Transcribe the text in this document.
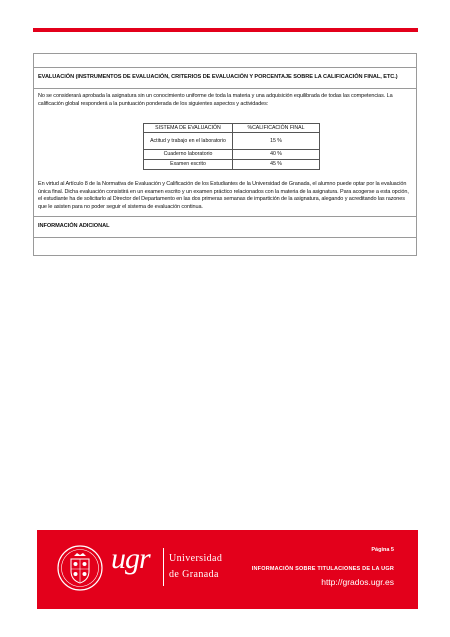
EVALUACIÓN (INSTRUMENTOS DE EVALUACIÓN, CRITERIOS DE EVALUACIÓN Y PORCENTAJE SOBRE LA CALIFICACIÓN FINAL, ETC.)
No se considerará aprobada la asignatura sin un conocimiento uniforme de toda la materia y una adquisición equilibrada de todas las competencias. La calificación global responderá a la puntuación ponderada de los siguientes aspectos y actividades:
SISTEMA DE EVALUACIÓN	%CALIFICACIÓN FINAL
Actitud y trabajo en el laboratorio	15 %
Cuaderno laboratorio	40 %
Examen escrito	45 %
En virtud al Artículo 8 de la Normativa de Evaluación y Calificación de los Estudiantes de la Universidad de Granada, el alumno puede optar por la evaluación única final. Dicha evaluación consistirá en un examen escrito y un examen práctico relacionados con la materia de la asignatura. Para acogerse a esta opción, el estudiante ha de solicitarlo al Director del Departamento en las dos primeras semanas de impartición de la asignatura, alegando y acreditando las razones que le asisten para no poder seguir el sistema de evaluación continua.
INFORMACIÓN ADICIONAL
ugr Universidad
de Granada
Página 5
INFORMACIÓN SOBRE TITULACIONES DE LA UGR
http://grados.ugr.es
